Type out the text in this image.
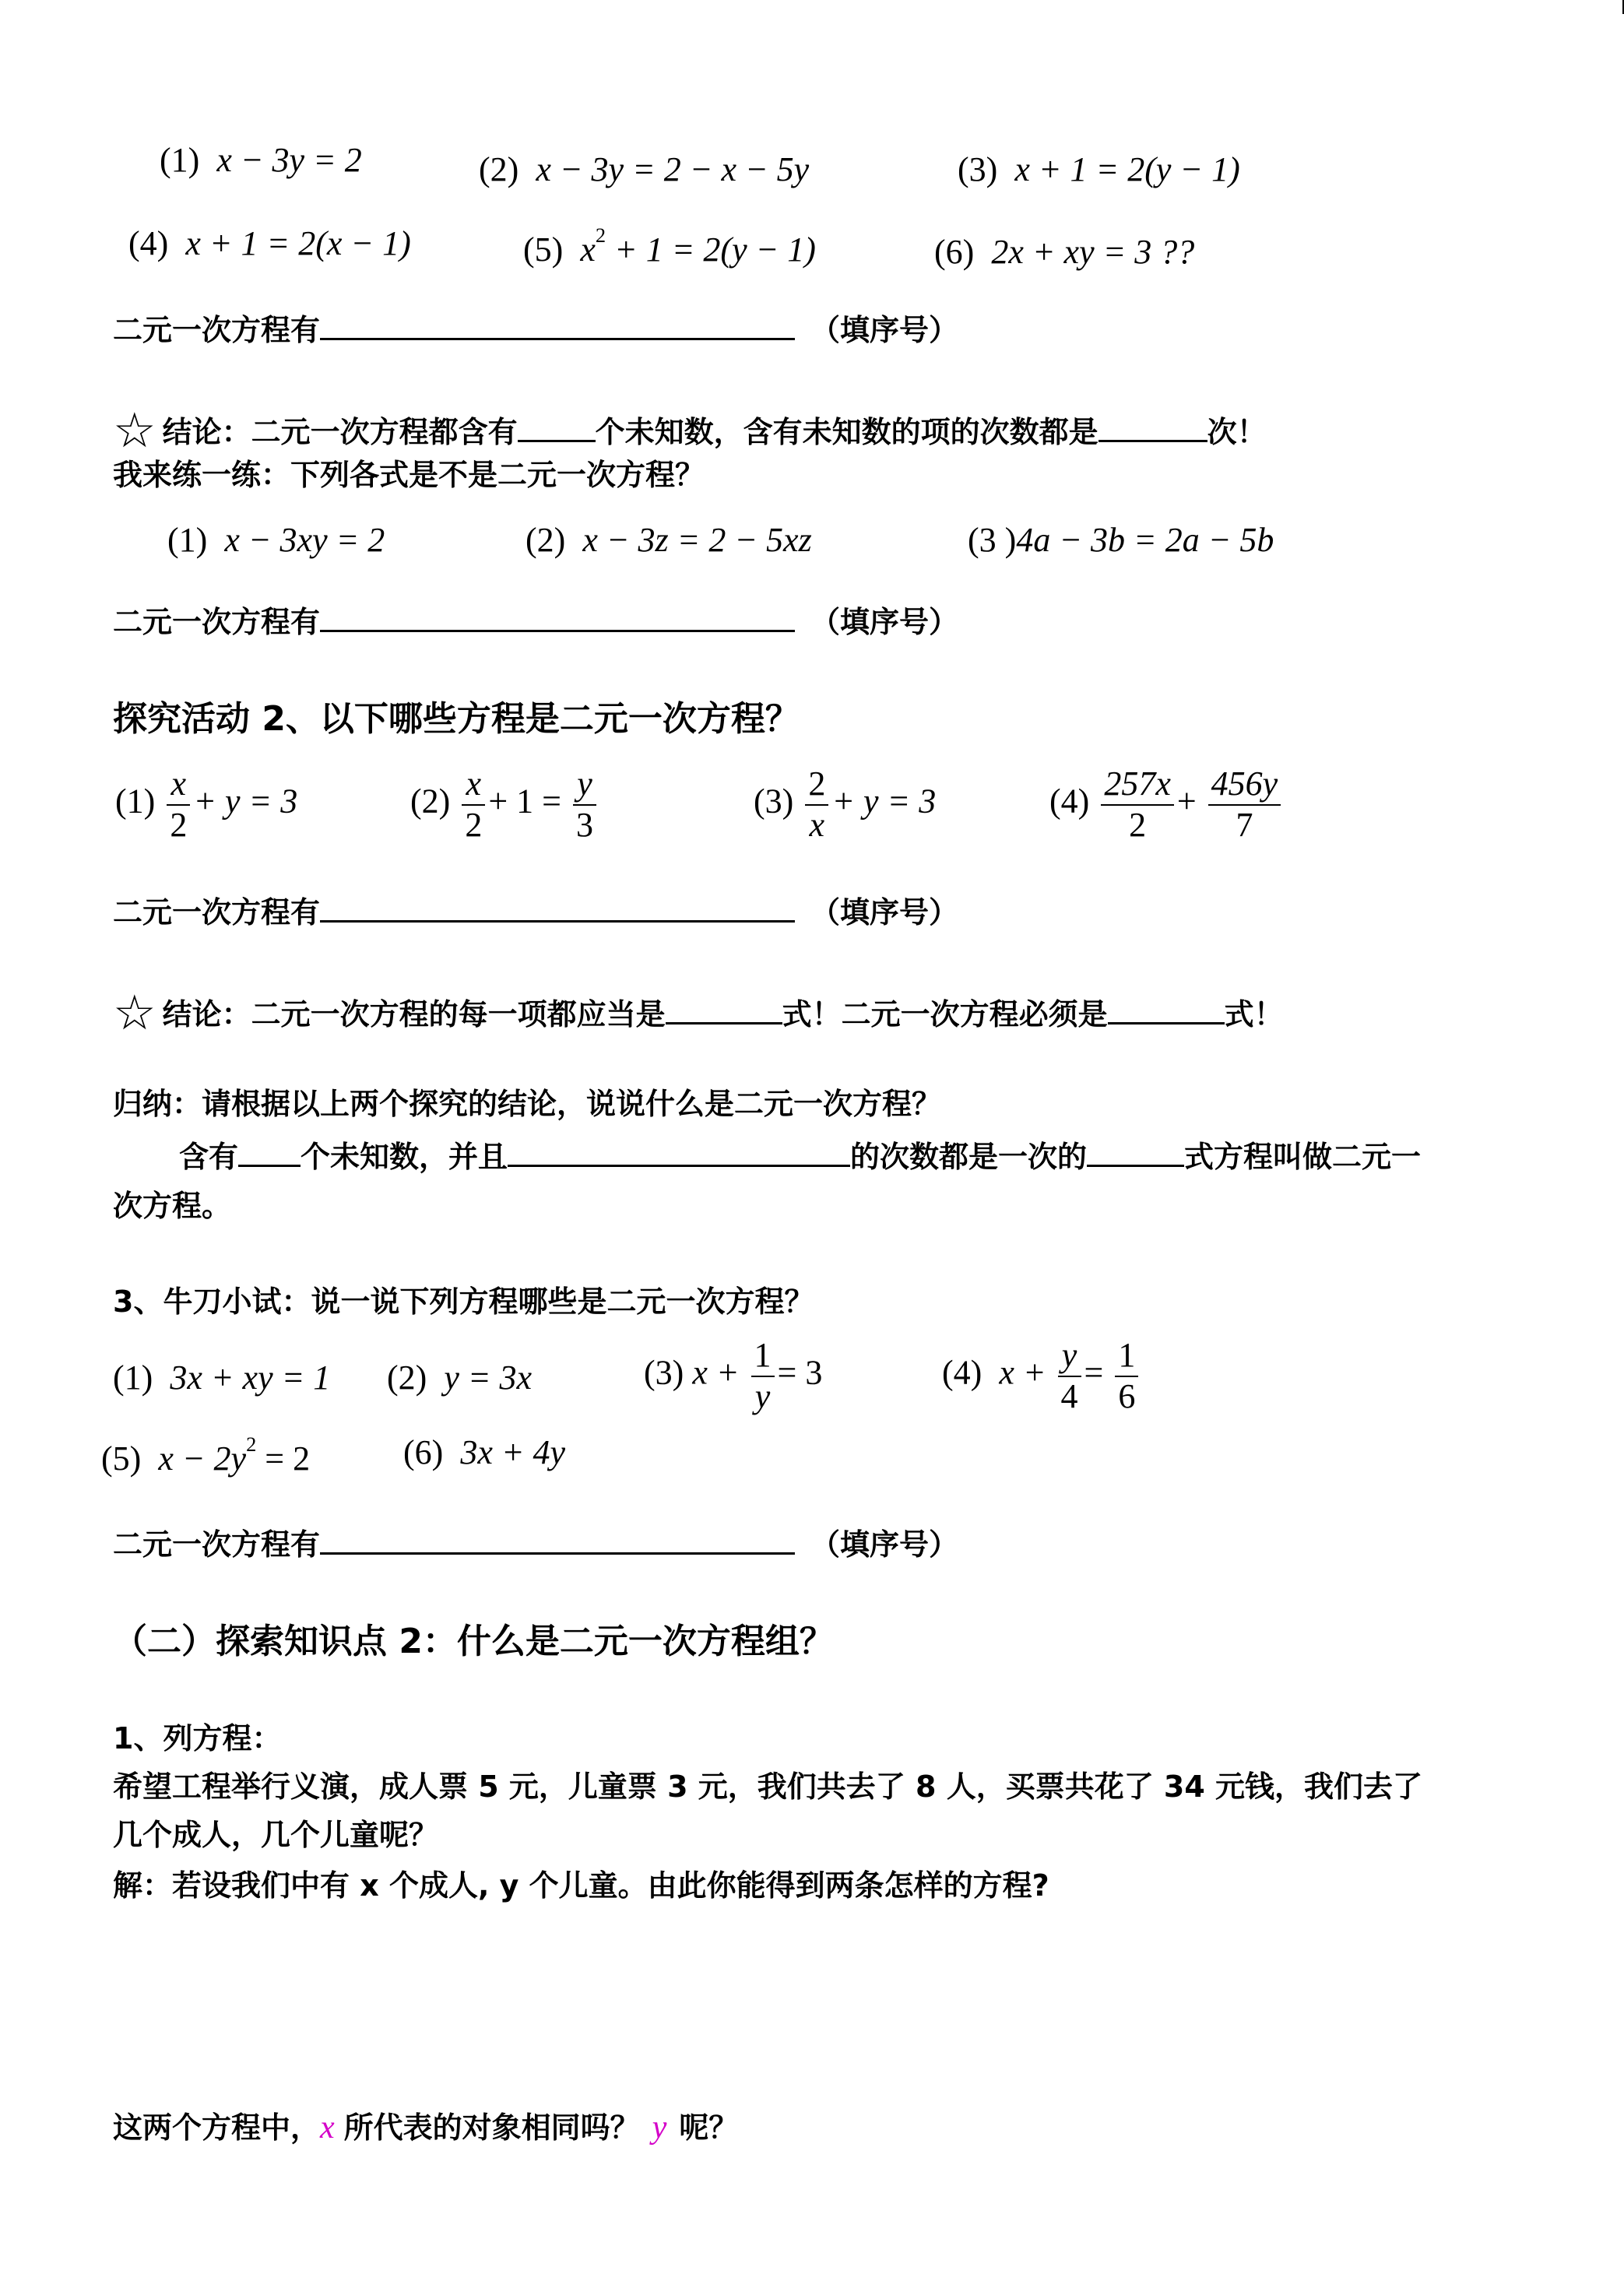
(1) x − 3y = 2	(2) x − 3y = 2 − x − 5y	(3) x + 1 = 2(y − 1)
(4) x + 1 = 2(x − 1)	(5) $x^2 + 1 = 2(y - 1)$	(6) 2x + xy = 3 ??
二元一次方程有	（填序号）
☆ 结论：二元一次方程都含有	个未知数，含有未知数的项的次数都是	次！
我来练一练：下列各式是不是二元一次方程？
(1) x − 3xy = 2	(2) x − 3z = 2 − 5xz	(3 )4a − 3b = 2a − 5b
二元一次方程有	（填序号）
探究活动 2、以下哪些方程是二元一次方程？
$(1) \frac{x}{2} + y = 3$	$(2) \frac{x}{2} + 1 = \frac{y}{3}$	$(3) \frac{2}{x} + y = 3$	$(4) \frac{257x}{2} + \frac{456y}{7}$
二元一次方程有	（填序号）
☆ 结论：二元一次方程的每一项都应当是	式！二元一次方程必须是	式！
归纳：请根据以上两个探究的结论，说说什么是二元一次方程？
含有 个未知数，并且	的次数都是一次的	式方程叫做二元一
次方程。
3、牛刀小试：说一说下列方程哪些是二元一次方程？
(1) 3x + xy = 1 (2) y = 3x	(3) $x + \frac{1}{y} = 3$	(4) $x + \frac{y}{4} = \frac{1}{6}$
(5) $x - 2y^2 = 2$	(6) 3x + 4y
二元一次方程有	（填序号）
（二）探索知识点 2：什么是二元一次方程组？
1、列方程：
希望工程举行义演，成人票 5 元，儿童票 3 元，我们共去了 8 人，买票共花了 34 元钱，我们去了
几个成人，几个儿童呢？
解：若设我们中有 x 个成人, y 个儿童。由此你能得到两条怎样的方程?
这两个方程中，x 所代表的对象相同吗？ y 呢？
